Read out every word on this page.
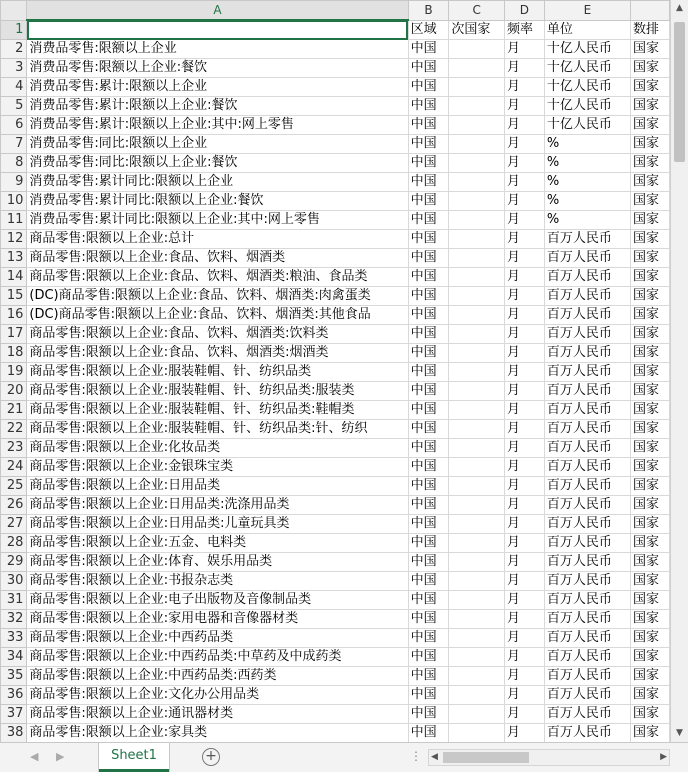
	A	B	C	D	E	
1		区域	次国家	频率	单位	数排
2	消费品零售:限额以上企业	中国		月	十亿人民币	国家
3	消费品零售:限额以上企业:餐饮	中国		月	十亿人民币	国家
4	消费品零售:累计:限额以上企业	中国		月	十亿人民币	国家
5	消费品零售:累计:限额以上企业:餐饮	中国		月	十亿人民币	国家
6	消费品零售:累计:限额以上企业:其中:网上零售	中国		月	十亿人民币	国家
7	消费品零售:同比:限额以上企业	中国		月	%	国家
8	消费品零售:同比:限额以上企业:餐饮	中国		月	%	国家
9	消费品零售:累计同比:限额以上企业	中国		月	%	国家
10	消费品零售:累计同比:限额以上企业:餐饮	中国		月	%	国家
11	消费品零售:累计同比:限额以上企业:其中:网上零售	中国		月	%	国家
12	商品零售:限额以上企业:总计	中国		月	百万人民币	国家
13	商品零售:限额以上企业:食品、饮料、烟酒类	中国		月	百万人民币	国家
14	商品零售:限额以上企业:食品、饮料、烟酒类:粮油、食品类	中国		月	百万人民币	国家
15	(DC)商品零售:限额以上企业:食品、饮料、烟酒类:肉禽蛋类	中国		月	百万人民币	国家
16	(DC)商品零售:限额以上企业:食品、饮料、烟酒类:其他食品	中国		月	百万人民币	国家
17	商品零售:限额以上企业:食品、饮料、烟酒类:饮料类	中国		月	百万人民币	国家
18	商品零售:限额以上企业:食品、饮料、烟酒类:烟酒类	中国		月	百万人民币	国家
19	商品零售:限额以上企业:服装鞋帽、针、纺织品类	中国		月	百万人民币	国家
20	商品零售:限额以上企业:服装鞋帽、针、纺织品类:服装类	中国		月	百万人民币	国家
21	商品零售:限额以上企业:服装鞋帽、针、纺织品类:鞋帽类	中国		月	百万人民币	国家
22	商品零售:限额以上企业:服装鞋帽、针、纺织品类:针、纺织	中国		月	百万人民币	国家
23	商品零售:限额以上企业:化妆品类	中国		月	百万人民币	国家
24	商品零售:限额以上企业:金银珠宝类	中国		月	百万人民币	国家
25	商品零售:限额以上企业:日用品类	中国		月	百万人民币	国家
26	商品零售:限额以上企业:日用品类:洗涤用品类	中国		月	百万人民币	国家
27	商品零售:限额以上企业:日用品类:儿童玩具类	中国		月	百万人民币	国家
28	商品零售:限额以上企业:五金、电料类	中国		月	百万人民币	国家
29	商品零售:限额以上企业:体育、娱乐用品类	中国		月	百万人民币	国家
30	商品零售:限额以上企业:书报杂志类	中国		月	百万人民币	国家
31	商品零售:限额以上企业:电子出版物及音像制品类	中国		月	百万人民币	国家
32	商品零售:限额以上企业:家用电器和音像器材类	中国		月	百万人民币	国家
33	商品零售:限额以上企业:中西药品类	中国		月	百万人民币	国家
34	商品零售:限额以上企业:中西药品类:中草药及中成药类	中国		月	百万人民币	国家
35	商品零售:限额以上企业:中西药品类:西药类	中国		月	百万人民币	国家
36	商品零售:限额以上企业:文化办公用品类	中国		月	百万人民币	国家
37	商品零售:限额以上企业:通讯器材类	中国		月	百万人民币	国家
38	商品零售:限额以上企业:家具类	中国		月	百万人民币	国家
▲
▼
◀ ▶	Sheet1	+	⋮ ◀	▶
